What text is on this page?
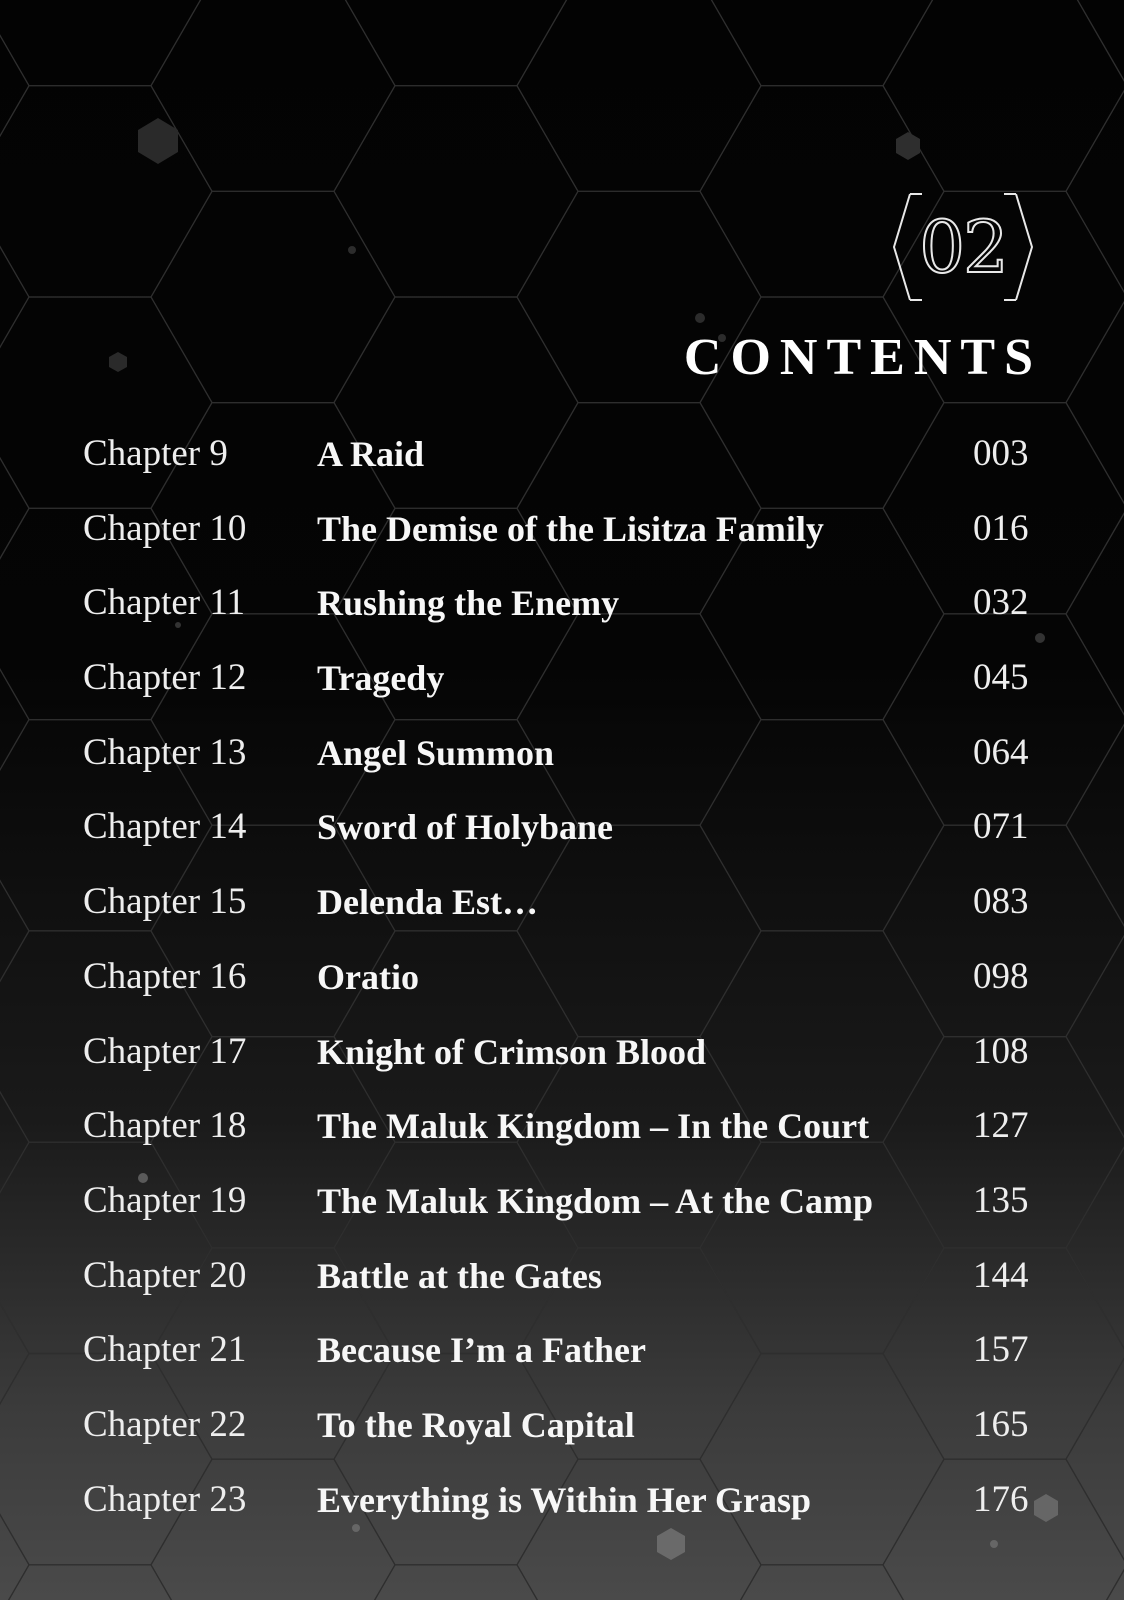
02
CONTENTS
Chapter 9 A Raid	003
Chapter 10 The Demise of the Lisitza Family	016
Chapter 11 Rushing the Enemy	032
Chapter 12 Tragedy	045
Chapter 13 Angel Summon	064
Chapter 14 Sword of Holybane	071
Chapter 15 Delenda Est…	083
Chapter 16 Oratio	098
Chapter 17 Knight of Crimson Blood	108
Chapter 18 The Maluk Kingdom – In the Court	127
Chapter 19 The Maluk Kingdom – At the Camp	135
Chapter 20 Battle at the Gates	144
Chapter 21 Because I’m a Father	157
Chapter 22 To the Royal Capital	165
Chapter 23 Everything is Within Her Grasp	176
